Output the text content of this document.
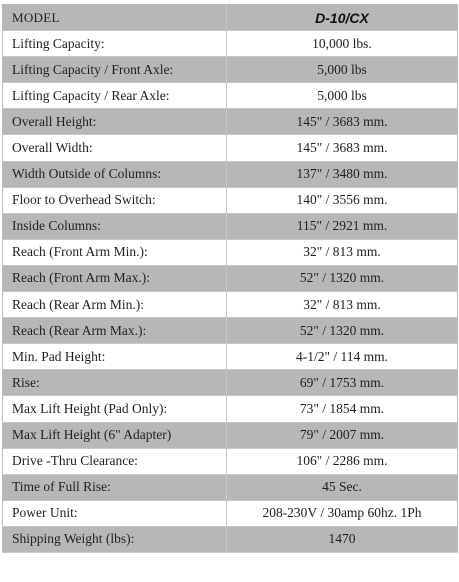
MODEL	D-10/CX
Lifting Capacity:	10,000 lbs.
Lifting Capacity / Front Axle:	5,000 lbs
Lifting Capacity / Rear Axle:	5,000 lbs
Overall Height:	145" / 3683 mm.
Overall Width:	145" / 3683 mm.
Width Outside of Columns:	137" / 3480 mm.
Floor to Overhead Switch:	140" / 3556 mm.
Inside Columns:	115" / 2921 mm.
Reach (Front Arm Min.):	32" / 813 mm.
Reach (Front Arm Max.):	52" / 1320 mm.
Reach (Rear Arm Min.):	32" / 813 mm.
Reach (Rear Arm Max.):	52" / 1320 mm.
Min. Pad Height:	4-1/2" / 114 mm.
Rise:	69" / 1753 mm.
Max Lift Height (Pad Only):	73" / 1854 mm.
Max Lift Height (6" Adapter)	79" / 2007 mm.
Drive -Thru Clearance:	106" / 2286 mm.
Time of Full Rise:	45 Sec.
Power Unit:	208-230V / 30amp 60hz. 1Ph
Shipping Weight (lbs):	1470
